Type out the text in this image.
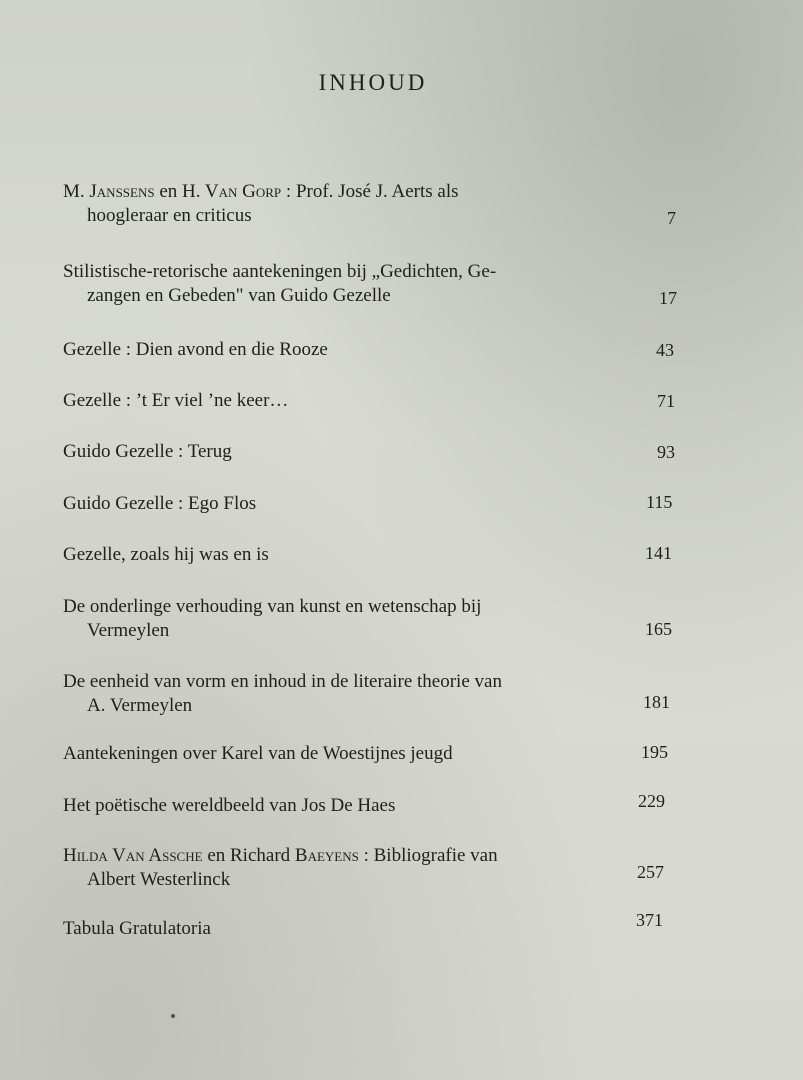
INHOUD
M. Janssens en H. Van Gorp : Prof. José J. Aerts als
hoogleraar en criticus	7
Stilistische-retorische aantekeningen bij „Gedichten, Ge-
zangen en Gebeden" van Guido Gezelle	17
Gezelle : Dien avond en die Rooze	43
Gezelle : ’t Er viel ’ne keer…	71
Guido Gezelle : Terug	93
Guido Gezelle : Ego Flos	115
Gezelle, zoals hij was en is	141
De onderlinge verhouding van kunst en wetenschap bij
Vermeylen	165
De eenheid van vorm en inhoud in de literaire theorie van
A. Vermeylen	181
Aantekeningen over Karel van de Woestijnes jeugd	195
Het poëtische wereldbeeld van Jos De Haes	229
Hilda Van Assche en Richard Baeyens : Bibliografie van
Albert Westerlinck	257
Tabula Gratulatoria	371
